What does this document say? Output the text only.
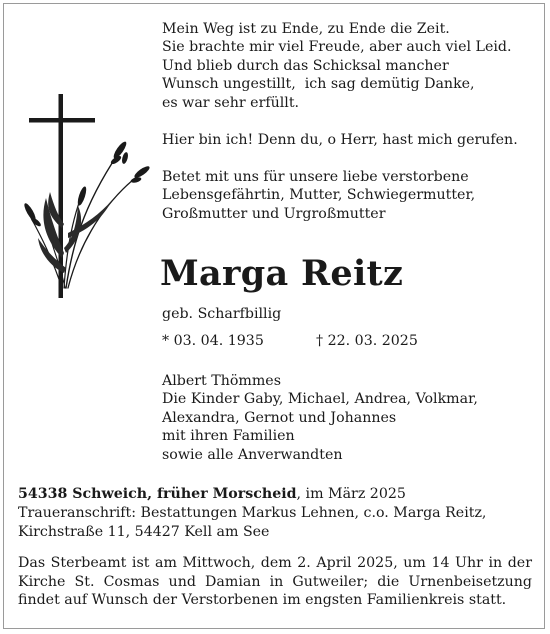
Mein Weg ist zu Ende, zu Ende die Zeit.
Sie brachte mir viel Freude, aber auch viel Leid.
Und blieb durch das Schicksal mancher
Wunsch ungestillt,  ich sag demütig Danke,
es war sehr erfüllt.
Hier bin ich! Denn du, o Herr, hast mich gerufen.
Betet mit uns für unsere liebe verstorbene
Lebensgefährtin, Mutter, Schwiegermutter,
Großmutter und Urgroßmutter
Marga Reitz
geb. Scharfbillig
* 03. 04. 1935	† 22. 03. 2025
Albert Thömmes
Die Kinder Gaby, Michael, Andrea, Volkmar,
Alexandra, Gernot und Johannes
mit ihren Familien
sowie alle Anverwandten
54338 Schweich, früher Morscheid, im März 2025
Traueranschrift: Bestattungen Markus Lehnen, c.o. Marga Reitz,
Kirchstraße 11, 54427 Kell am See
Das Sterbeamt ist am Mittwoch, dem 2. April 2025, um 14 Uhr in der
Kirche St. Cosmas und Damian in Gutweiler; die Urnenbeisetzung
findet auf Wunsch der Verstorbenen im engsten Familienkreis statt.
